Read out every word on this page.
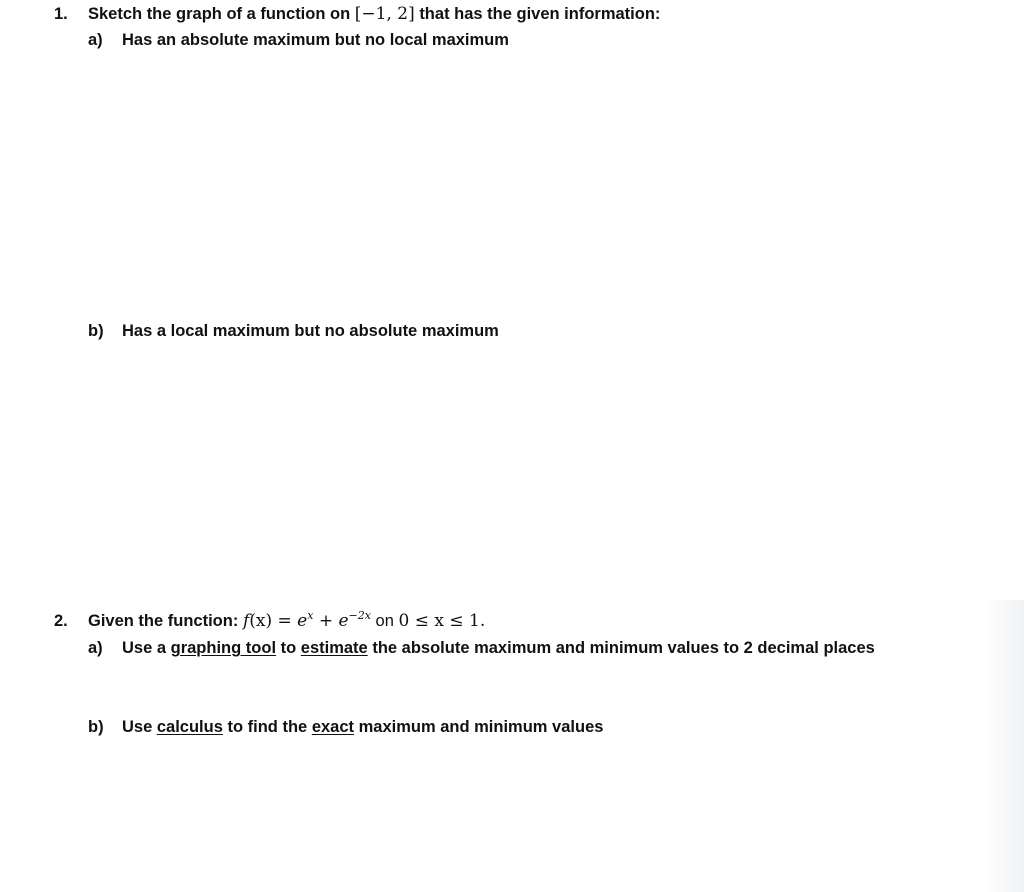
1. Sketch the graph of a function on [−1, 2] that has the given information:
a) Has an absolute maximum but no local maximum
b) Has a local maximum but no absolute maximum
2. Given the function: $f(x) = e^x + e^{-2x}$ on 0 ≤ x ≤ 1.
a) Use a graphing tool to estimate the absolute maximum and minimum values to 2 decimal places
b) Use calculus to find the exact maximum and minimum values
